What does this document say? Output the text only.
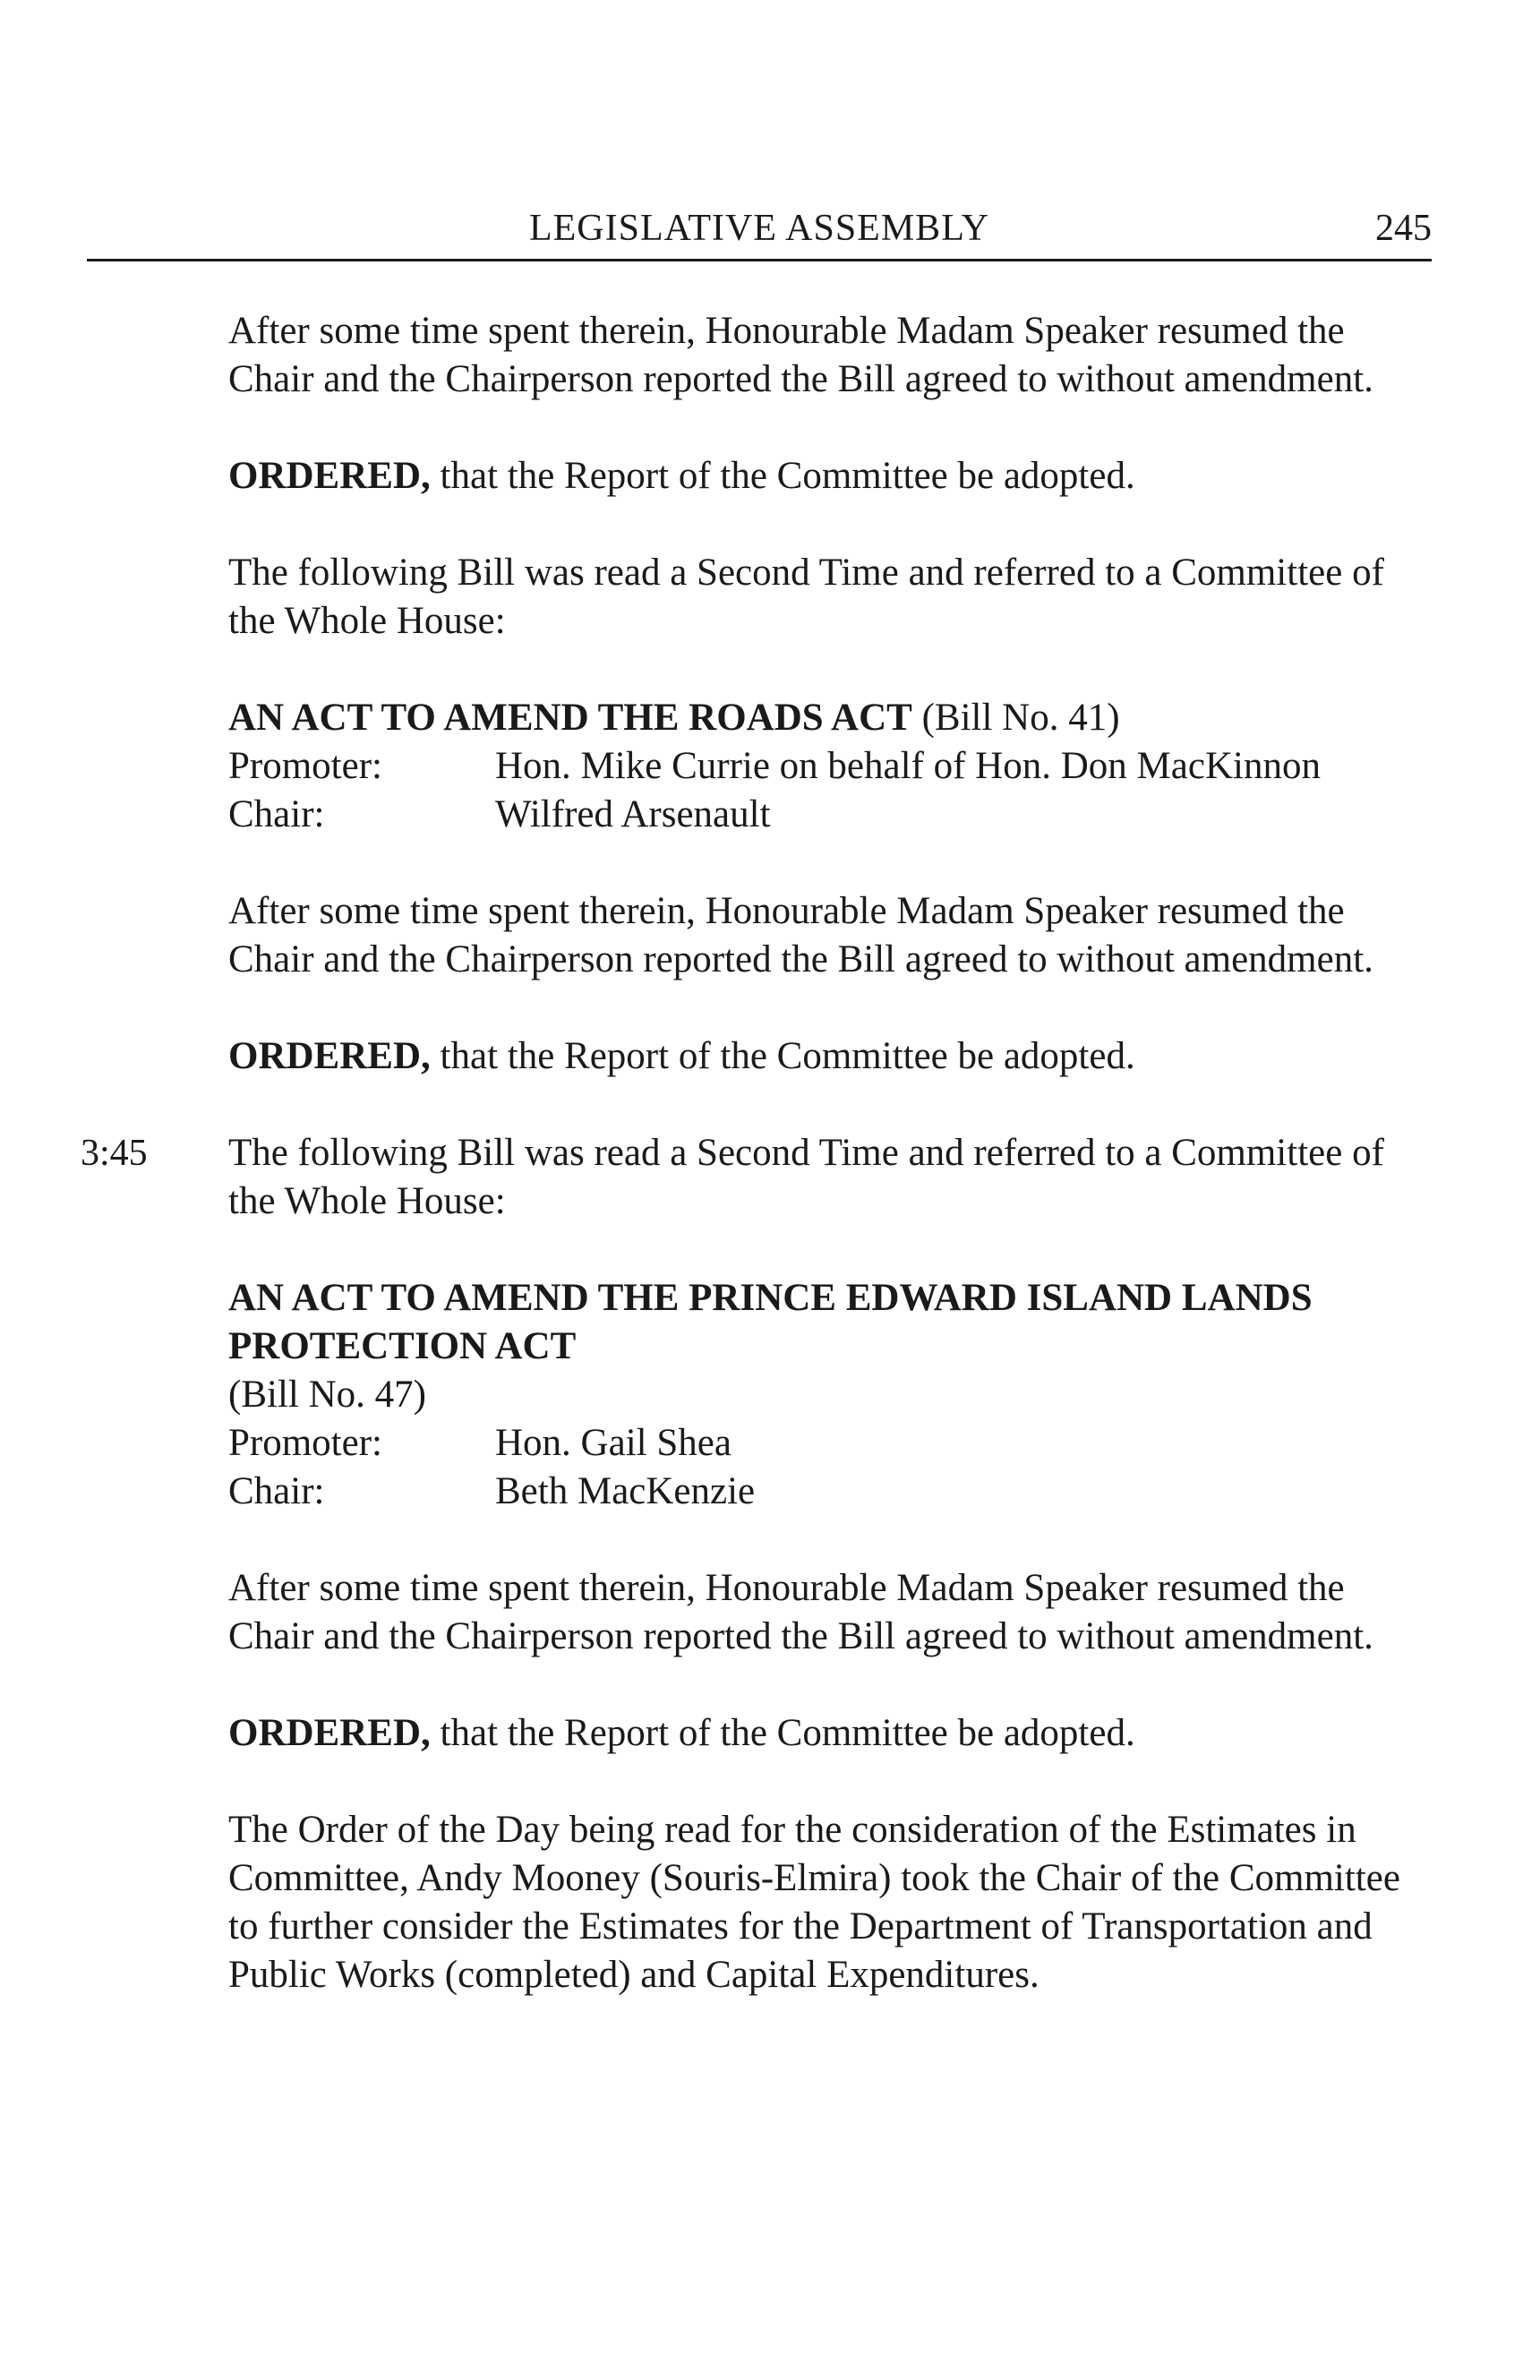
LEGISLATIVE ASSEMBLY	245
After some time spent therein, Honourable Madam Speaker resumed the
Chair and the Chairperson reported the Bill agreed to without amendment.
ORDERED, that the Report of the Committee be adopted.
The following Bill was read a Second Time and referred to a Committee of
the Whole House:
AN ACT TO AMEND THE ROADS ACT (Bill No. 41)
Promoter:	Hon. Mike Currie on behalf of Hon. Don MacKinnon
Chair:	Wilfred Arsenault
After some time spent therein, Honourable Madam Speaker resumed the
Chair and the Chairperson reported the Bill agreed to without amendment.
ORDERED, that the Report of the Committee be adopted.
3:45 The following Bill was read a Second Time and referred to a Committee of
the Whole House:
AN ACT TO AMEND THE PRINCE EDWARD ISLAND LANDS
PROTECTION ACT
(Bill No. 47)
Promoter:	Hon. Gail Shea
Chair:	Beth MacKenzie
After some time spent therein, Honourable Madam Speaker resumed the
Chair and the Chairperson reported the Bill agreed to without amendment.
ORDERED, that the Report of the Committee be adopted.
The Order of the Day being read for the consideration of the Estimates in
Committee, Andy Mooney (Souris-Elmira) took the Chair of the Committee
to further consider the Estimates for the Department of Transportation and
Public Works (completed) and Capital Expenditures.
